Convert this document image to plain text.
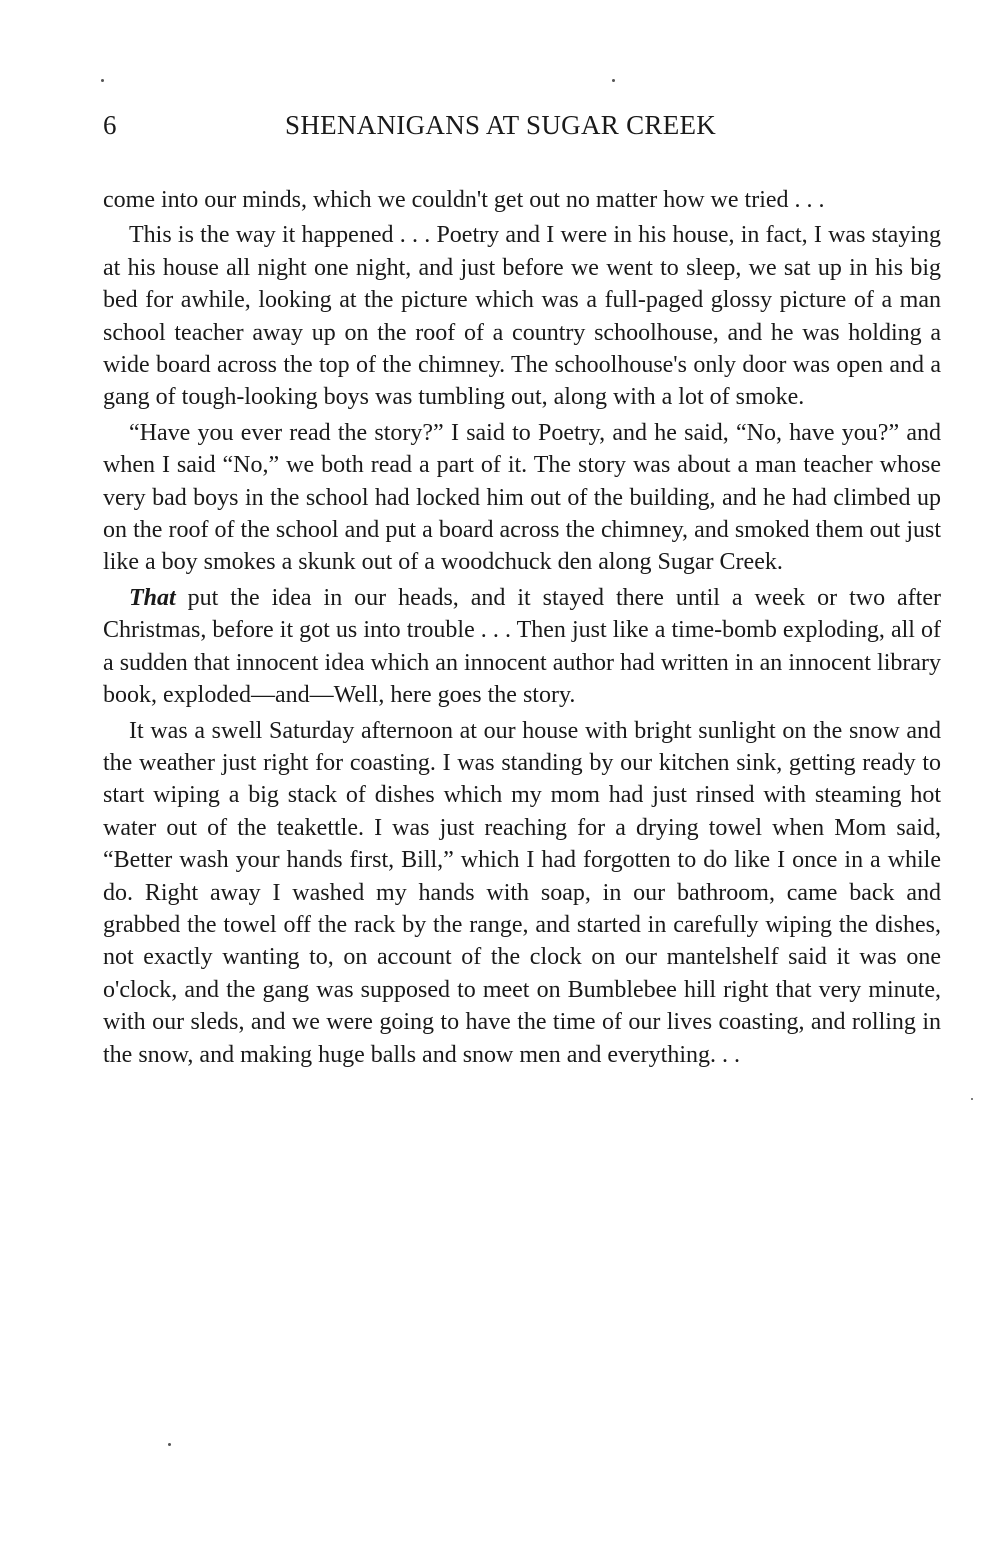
6	SHENANIGANS AT SUGAR CREEK

come into our minds, which we couldn't get out no matter how we tried . . .

This is the way it happened . . . Poetry and I were in his house, in fact, I was staying at his house all night one night, and just before we went to sleep, we sat up in his big bed for awhile, looking at the picture which was a full-paged glossy picture of a man school teacher away up on the roof of a country schoolhouse, and he was holding a wide board across the top of the chimney. The schoolhouse's only door was open and a gang of tough-looking boys was tumbling out, along with a lot of smoke.

“Have you ever read the story?” I said to Poetry, and he said, “No, have you?” and when I said “No,” we both read a part of it. The story was about a man teacher whose very bad boys in the school had locked him out of the building, and he had climbed up on the roof of the school and put a board across the chimney, and smoked them out just like a boy smokes a skunk out of a woodchuck den along Sugar Creek.

That put the idea in our heads, and it stayed there until a week or two after Christmas, before it got us into trouble . . . Then just like a time-bomb exploding, all of a sudden that innocent idea which an innocent author had written in an innocent library book, exploded—and—Well, here goes the story.

It was a swell Saturday afternoon at our house with bright sunlight on the snow and the weather just right for coasting. I was standing by our kitchen sink, getting ready to start wiping a big stack of dishes which my mom had just rinsed with steaming hot water out of the teakettle. I was just reaching for a drying towel when Mom said, “Better wash your hands first, Bill,” which I had forgotten to do like I once in a while do. Right away I washed my hands with soap, in our bathroom, came back and grabbed the towel off the rack by the range, and started in carefully wiping the dishes, not exactly wanting to, on account of the clock on our mantelshelf said it was one o'clock, and the gang was supposed to meet on Bumblebee hill right that very minute, with our sleds, and we were going to have the time of our lives coasting, and rolling in the snow, and making huge balls and snow men and everything. . .
